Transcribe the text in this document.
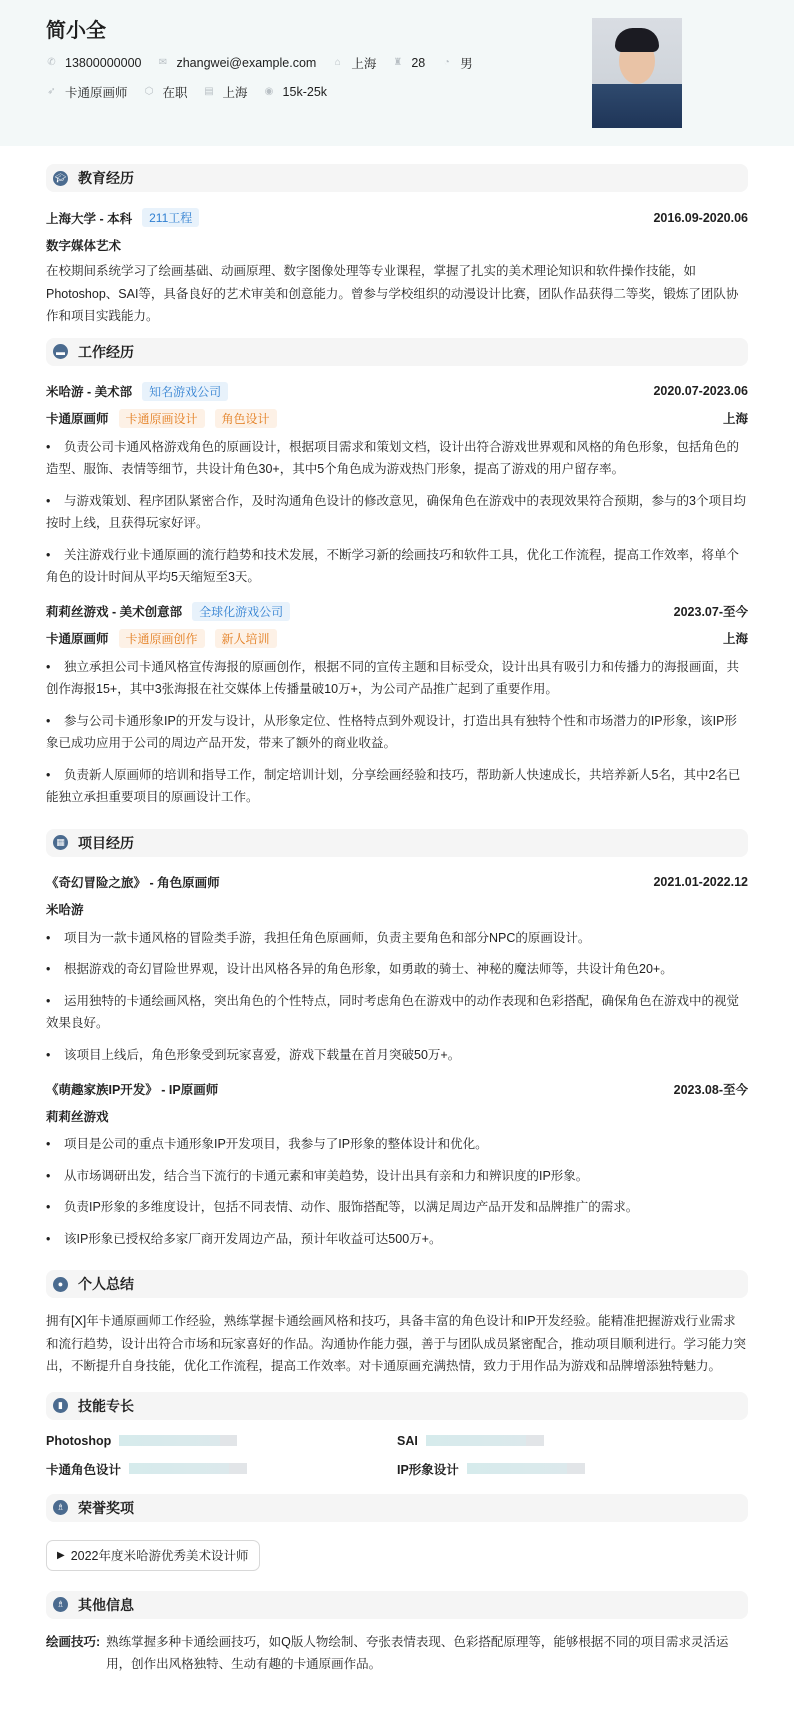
简小全
✆ 13800000000 ✉ zhangwei@example.com ⌂ 上海 ♜ 28 ◔ 男
➶ 卡通原画师 ⬡ 在职 ▤ 上海 ◉ 15k-25k
🎓︎ 教育经历
上海大学 - 本科	211工程	2016.09-2020.06
数字媒体艺术
在校期间系统学习了绘画基础、动画原理、数字图像处理等专业课程，掌握了扎实的美术理论知识和软件操作技能，如Photoshop、SAI等，具备良好的艺术审美和创意能力。曾参与学校组织的动漫设计比赛，团队作品获得二等奖，锻炼了团队协作和项目实践能力。
▬ 工作经历
米哈游 - 美术部	知名游戏公司	2020.07-2023.06
卡通原画师	卡通原画设计	角色设计	上海
• 负责公司卡通风格游戏角色的原画设计，根据项目需求和策划文档，设计出符合游戏世界观和风格的角色形象，包括角色的造型、服饰、表情等细节，共设计角色30+，其中5个角色成为游戏热门形象，提高了游戏的用户留存率。
• 与游戏策划、程序团队紧密合作，及时沟通角色设计的修改意见，确保角色在游戏中的表现效果符合预期，参与的3个项目均按时上线，且获得玩家好评。
• 关注游戏行业卡通原画的流行趋势和技术发展，不断学习新的绘画技巧和软件工具，优化工作流程，提高工作效率，将单个角色的设计时间从平均5天缩短至3天。
莉莉丝游戏 - 美术创意部	全球化游戏公司	2023.07-至今
卡通原画师	卡通原画创作	新人培训	上海
• 独立承担公司卡通风格宣传海报的原画创作，根据不同的宣传主题和目标受众，设计出具有吸引力和传播力的海报画面，共创作海报15+，其中3张海报在社交媒体上传播量破10万+，为公司产品推广起到了重要作用。
• 参与公司卡通形象IP的开发与设计，从形象定位、性格特点到外观设计，打造出具有独特个性和市场潜力的IP形象，该IP形象已成功应用于公司的周边产品开发，带来了额外的商业收益。
• 负责新人原画师的培训和指导工作，制定培训计划，分享绘画经验和技巧，帮助新人快速成长，共培养新人5名，其中2名已能独立承担重要项目的原画设计工作。
▦ 项目经历
《奇幻冒险之旅》 - 角色原画师	2021.01-2022.12
米哈游
• 项目为一款卡通风格的冒险类手游，我担任角色原画师，负责主要角色和部分NPC的原画设计。
• 根据游戏的奇幻冒险世界观，设计出风格各异的角色形象，如勇敢的骑士、神秘的魔法师等，共设计角色20+。
• 运用独特的卡通绘画风格，突出角色的个性特点，同时考虑角色在游戏中的动作表现和色彩搭配，确保角色在游戏中的视觉效果良好。
• 该项目上线后，角色形象受到玩家喜爱，游戏下载量在首月突破50万+。
《萌趣家族IP开发》 - IP原画师	2023.08-至今
莉莉丝游戏
• 项目是公司的重点卡通形象IP开发项目，我参与了IP形象的整体设计和优化。
• 从市场调研出发，结合当下流行的卡通元素和审美趋势，设计出具有亲和力和辨识度的IP形象。
• 负责IP形象的多维度设计，包括不同表情、动作、服饰搭配等，以满足周边产品开发和品牌推广的需求。
• 该IP形象已授权给多家厂商开发周边产品，预计年收益可达500万+。
●	个人总结
拥有[X]年卡通原画师工作经验，熟练掌握卡通绘画风格和技巧，具备丰富的角色设计和IP开发经验。能精准把握游戏行业需求和流行趋势，设计出符合市场和玩家喜好的作品。沟通协作能力强，善于与团队成员紧密配合，推动项目顺利进行。学习能力突出，不断提升自身技能，优化工作流程，提高工作效率。对卡通原画充满热情，致力于用作品为游戏和品牌增添独特魅力。
▮	技能专长
Photoshop	SAI
卡通角色设计	IP形象设计
♗ 荣誉奖项
▶ 2022年度米哈游优秀美术设计师
♗ 其他信息
绘画技巧: 熟练掌握多种卡通绘画技巧，如Q版人物绘制、夸张表情表现、色彩搭配原理等，能够根据不同的项目需求灵活运用，创作出风格独特、生动有趣的卡通原画作品。
